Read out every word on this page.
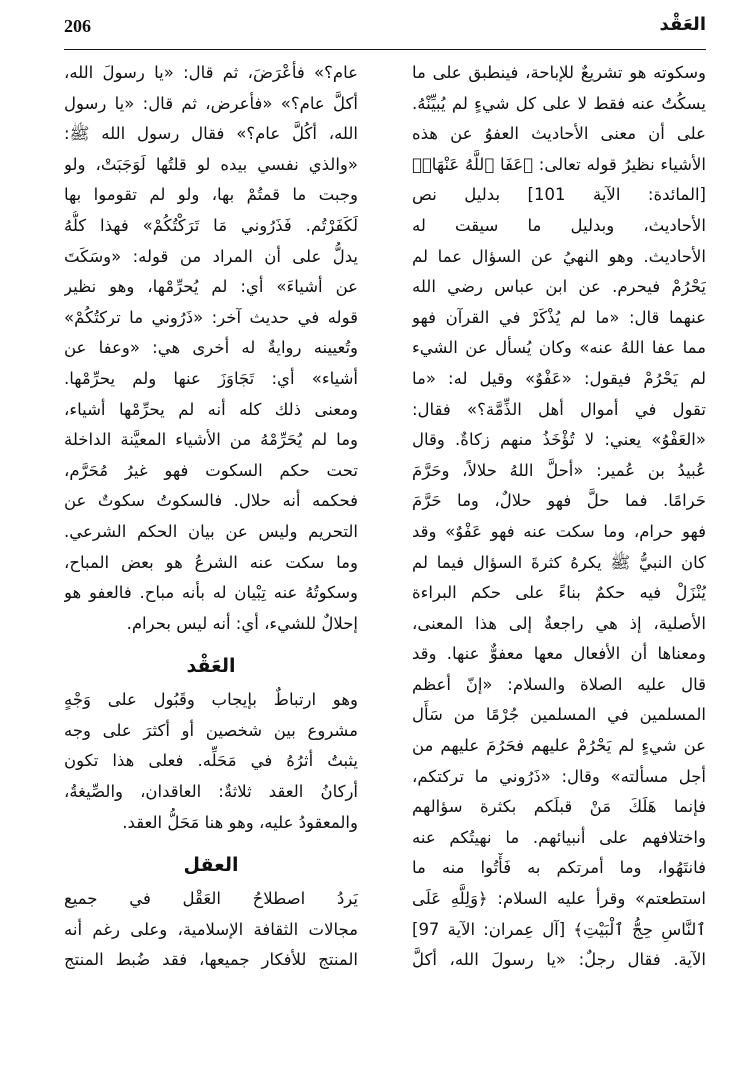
206	العَقْد
وسكوته هو تشريعٌ للإباحة، فينطبق على ما
يسكُتُ عنه فقط لا على كل شيءٍ لم يُبيِّنْهُ.
على أن معنى الأحاديث العفوُ عن هذه
الأشياء نظيرُ قوله تعالى: ﴿عَفَا ٱللَّهُ عَنْهَاۗ﴾
[المائدة: الآية 101] بدليل نص
الأحاديث، وبدليل ما سيقت له
الأحاديث. وهو النهيُ عن السؤال عما لم
يَحْرُمْ فيحرم. عن ابن عباس رضي الله
عنهما قال: «ما لم يُذْكَرْ في القرآن فهو
مما عفا اللهُ عنه» وكان يُسأل عن الشيء
لم يَحْرُمْ فيقول: «عَفْوٌ» وقيل له: «ما
تقول في أموال أهل الذِّمَّة؟» فقال:
«العَفْوُ» يعني: لا تُؤْخَذُ منهم زكاةٌ. وقال
عُبيدُ بن عُمير: «أحلَّ اللهُ حلالاً، وحَرَّمَ
حَرامًا. فما حلَّ فهو حلالٌ، وما حَرَّمَ
فهو حرام، وما سكت عنه فهو عَفْوٌ» وقد
كان النبيُّ ﷺ يكرهُ كثرةَ السؤال فيما لم
يُنْزَلْ فيه حكمٌ بناءً على حكم البراءة
الأصلية، إذ هي راجعةٌ إلى هذا المعنى،
ومعناها أن الأفعال معها معفوٌّ عنها. وقد
قال عليه الصلاة والسلام: «إنّ أعظم
المسلمين في المسلمين جُرْمًا من سَأَل
عن شيءٍ لم يَحْرُمْ عليهم فحَرُمَ عليهم من
أجل مسألته» وقال: «ذَرُوني ما تركتكم،
فإنما هَلَكَ مَنْ قبلَكم بكثرة سؤالهم
واختلافهم على أنبيائهم. ما نهيتُكم عنه
فانتَهُوا، وما أمرتكم به فَأْتُوا منه ما
استطعتم» وقرأ عليه السلام: ﴿وَلِلَّهِ عَلَى
ٱلنَّاسِ حِجُّ ٱلْبَيْتِ﴾ [آل عِمران: الآية 97]
الآية. فقال رجلٌ: «يا رسولَ الله، أكلَّ
عام؟» فأعْرَضَ، ثم قال: «يا رسولَ الله،
أكلَّ عام؟» «فأعرض، ثم قال: «يا رسول
الله، أكُلَّ عام؟» فقال رسول الله ﷺ:
«والذي نفسي بيده لو قلتُها لَوَجَبَتْ، ولو
وجبت ما قمتُمْ بها، ولو لم تقوموا بها
لَكَفَرْتُم. فَذَرُوني مَا تَرَكْتُكُمْ» فهذا كلُّهُ
يدلُّ على أن المراد من قوله: «وسَكَتَ
عن أشياءَ» أي: لم يُحرِّمْها، وهو نظير
قوله في حديث آخر: «ذَرُوني ما تركتُكُمْ»
وتُعيينه روايةٌ له أخرى هي: «وعفا عن
أشياء» أي: تَجَاوَزَ عنها ولم يحرِّمْها.
ومعنى ذلك كله أنه لم يحرِّمْها أشياء،
وما لم يُحَرِّمْهُ من الأشياء المعيَّنة الداخلة
تحت حكم السكوت فهو غيرُ مُحَرَّم،
فحكمه أنه حلال. فالسكوتُ سكوتٌ عن
التحريم وليس عن بيان الحكم الشرعي.
وما سكت عنه الشرعُ هو بعض المباح،
وسكوتُهُ عنه تِبْيان له بأنه مباح. فالعفو هو
إحلالٌ للشيء، أي: أنه ليس بحرام.
العَقْد
وهو ارتباطٌ بإيجاب وقَبُول على وَجْهٍ
مشروع بين شخصين أو أكثرَ على وجه
يثبتُ أثرُهُ في مَحَلِّه. فعلى هذا تكون
أركانُ العقد ثلاثةٌ: العاقدان، والصِّيغةُ،
والمعقودُ عليه، وهو هنا مَحَلُّ العقد.
العقل
يَردُ اصطلاحُ العَقْل في جميع
مجالات الثقافة الإسلامية، وعلى رغم أنه
المنتج للأفكار جميعها، فقد ضُبط المنتج
